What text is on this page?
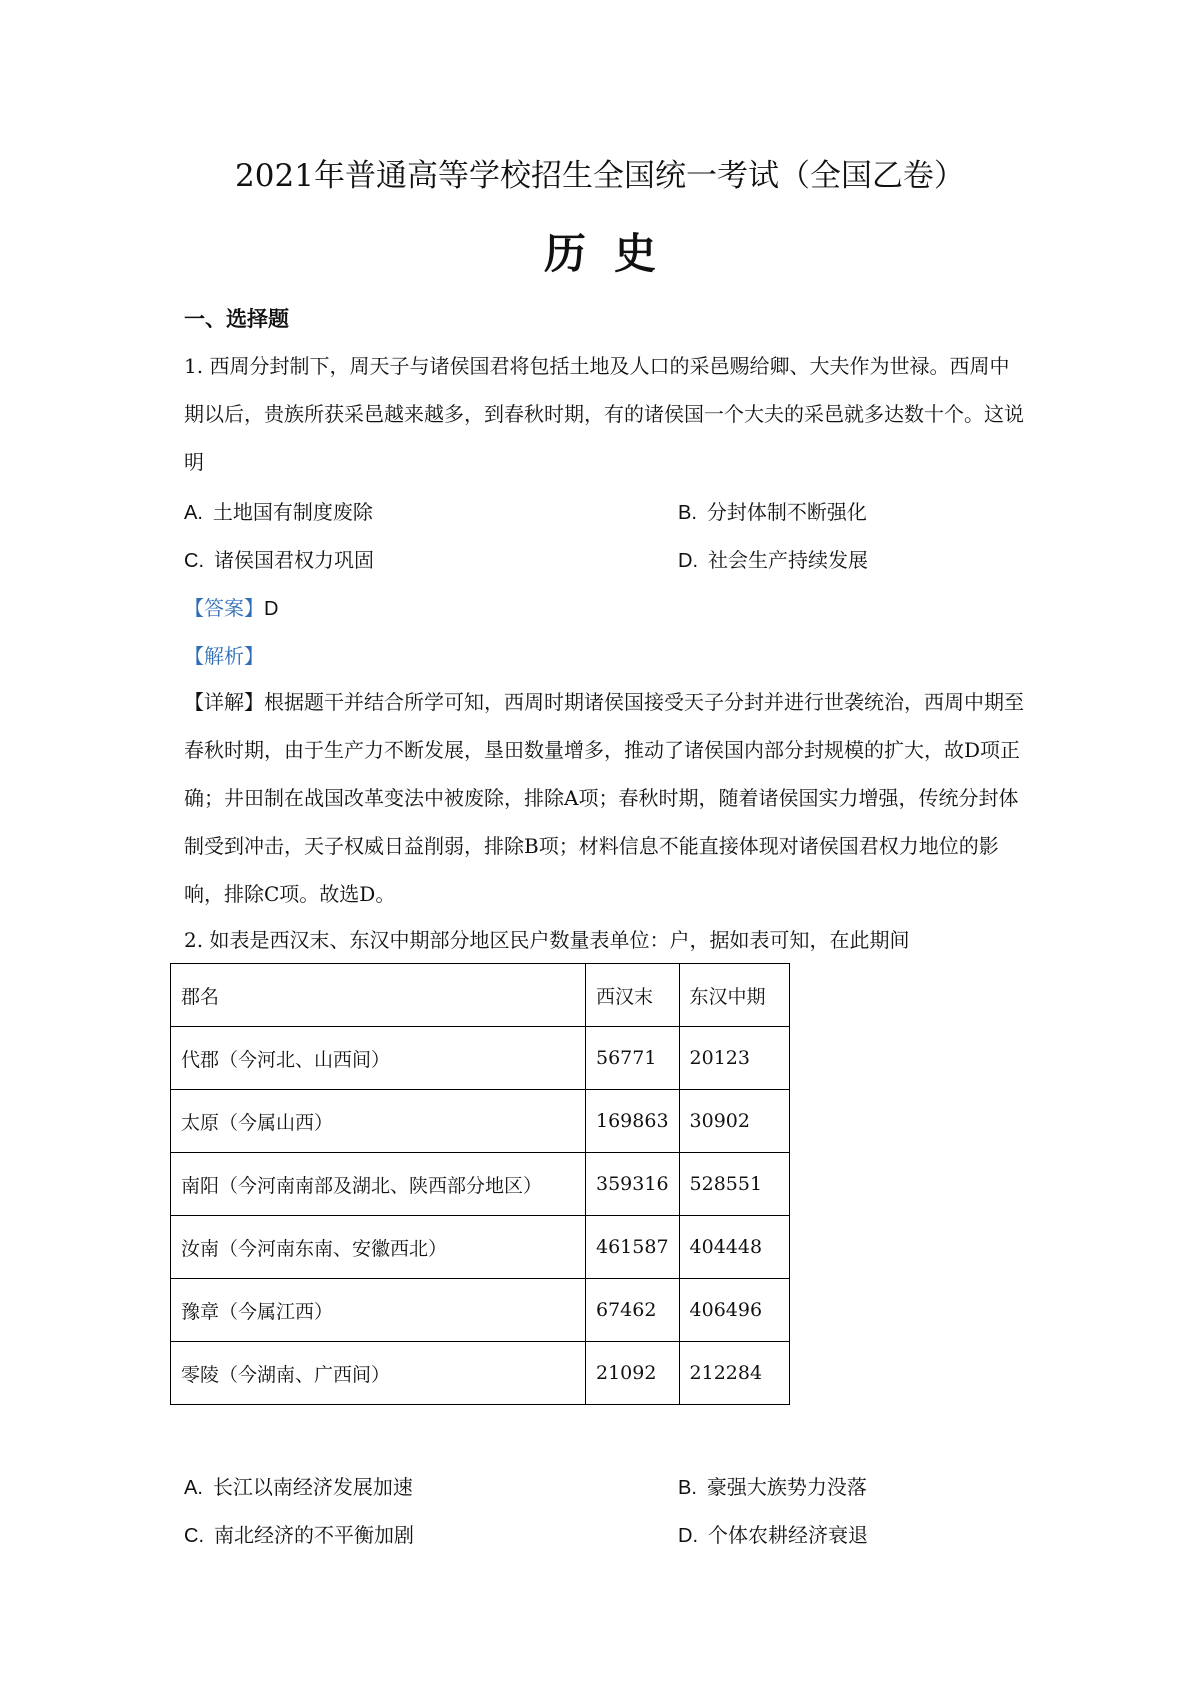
2021年普通高等学校招生全国统一考试（全国乙卷）
历史
一、选择题
1. 西周分封制下，周天子与诸侯国君将包括土地及人口的采邑赐给卿、大夫作为世禄。西周中期以后，贵族所获采邑越来越多，到春秋时期，有的诸侯国一个大夫的采邑就多达数十个。这说明
A. 土地国有制度废除	B. 分封体制不断强化
C. 诸侯国君权力巩固	D. 社会生产持续发展
【答案】D
【解析】
【详解】根据题干并结合所学可知，西周时期诸侯国接受天子分封并进行世袭统治，西周中期至春秋时期，由于生产力不断发展，垦田数量增多，推动了诸侯国内部分封规模的扩大，故D项正确；井田制在战国改革变法中被废除，排除A项；春秋时期，随着诸侯国实力增强，传统分封体制受到冲击，天子权威日益削弱，排除B项；材料信息不能直接体现对诸侯国君权力地位的影响，排除C项。故选D。
2. 如表是西汉末、东汉中期部分地区民户数量表单位：户，据如表可知，在此期间
郡名	西汉末	东汉中期
代郡（今河北、山西间）	56771	20123
太原（今属山西）	169863	30902
南阳（今河南南部及湖北、陕西部分地区）	359316	528551
汝南（今河南东南、安徽西北）	461587	404448
豫章（今属江西）	67462	406496
零陵（今湖南、广西间）	21092	212284
A. 长江以南经济发展加速	B. 豪强大族势力没落
C. 南北经济的不平衡加剧	D. 个体农耕经济衰退
